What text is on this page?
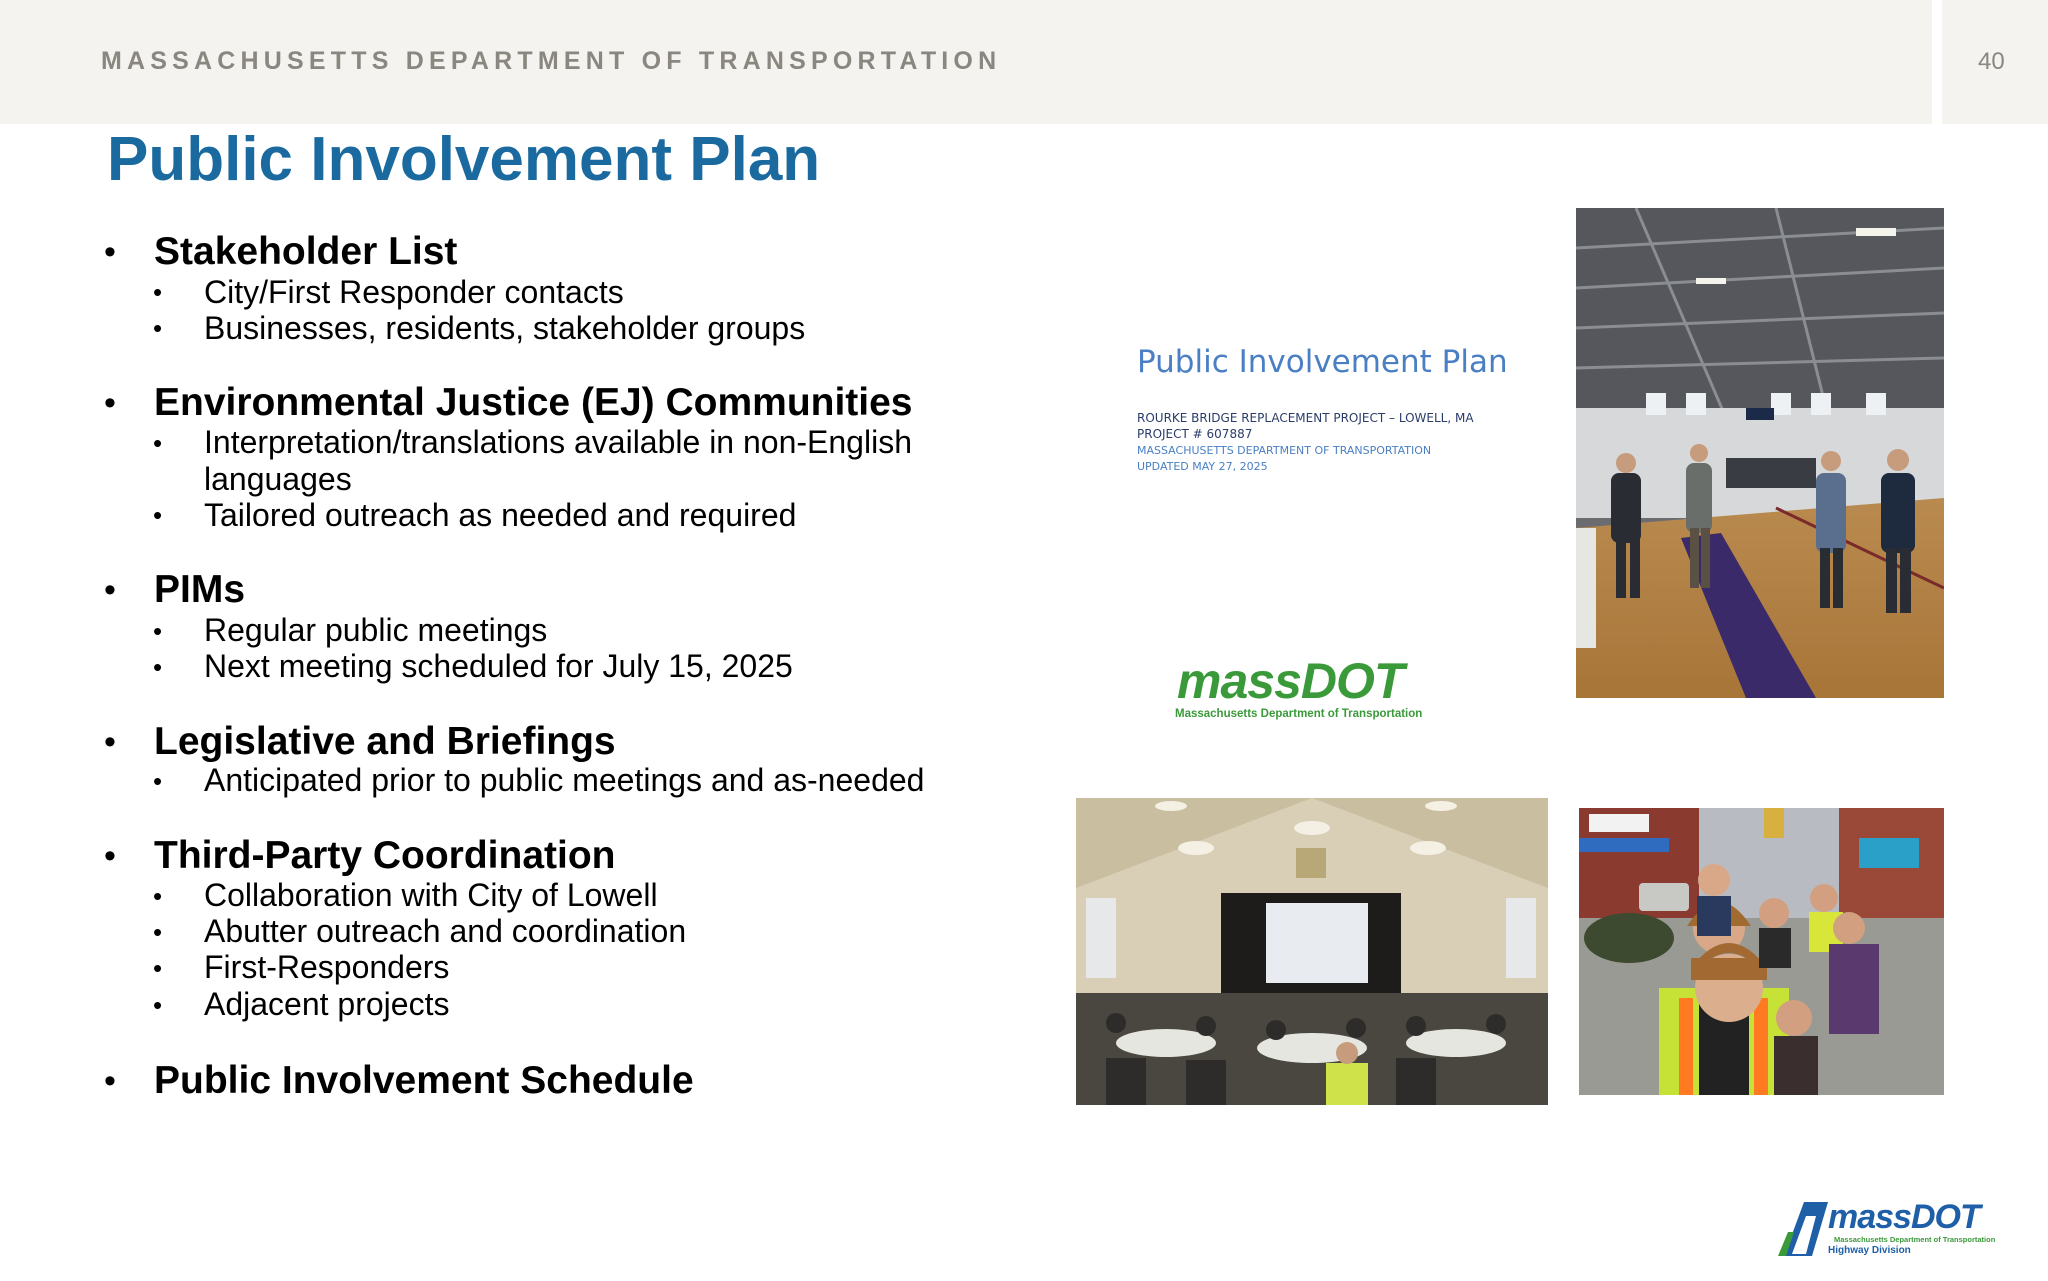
MASSACHUSETTS DEPARTMENT OF TRANSPORTATION	40
Public Involvement Plan
• Stakeholder List
• City/First Responder contacts
• Businesses, residents, stakeholder groups
• Environmental Justice (EJ) Communities
• Interpretation/translations available in non-English
languages
• Tailored outreach as needed and required
• PIMs
• Regular public meetings
• Next meeting scheduled for July 15, 2025
• Legislative and Briefings
• Anticipated prior to public meetings and as-needed
• Third-Party Coordination
• Collaboration with City of Lowell
• Abutter outreach and coordination
• First-Responders
• Adjacent projects
• Public Involvement Schedule
Public Involvement Plan
ROURKE BRIDGE REPLACEMENT PROJECT – LOWELL, MA
PROJECT # 607887
MASSACHUSETTS DEPARTMENT OF TRANSPORTATION
UPDATED MAY 27, 2025
massDOT
Massachusetts Department of Transportation
massDOT
Massachusetts Department of Transportation
Highway Division
